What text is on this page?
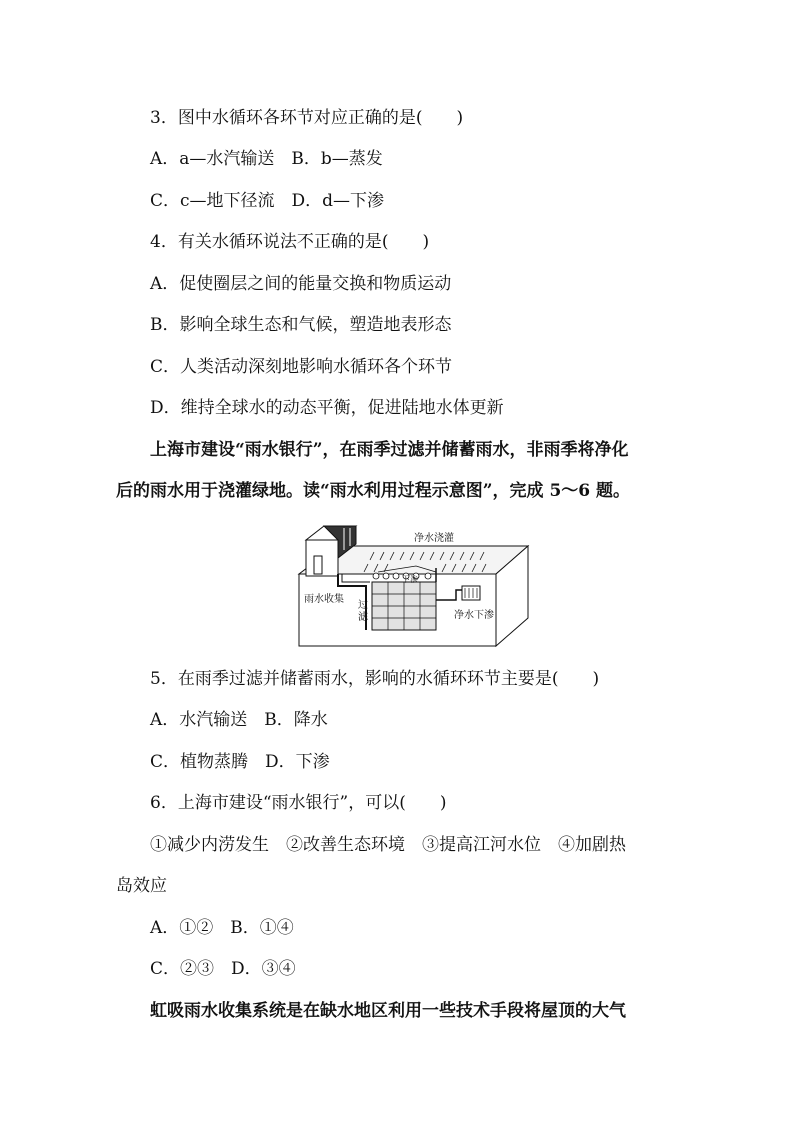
3．图中水循环各环节对应正确的是(　　)
A．a—水汽输送　B．b—蒸发
C．c—地下径流　D．d—下渗
4．有关水循环说法不正确的是(　　)
A．促使圈层之间的能量交换和物质运动
B．影响全球生态和气候，塑造地表形态
C．人类活动深刻地影响水循环各个环节
D．维持全球水的动态平衡，促进陆地水体更新
上海市建设“雨水银行”，在雨季过滤并储蓄雨水，非雨季将净化
后的雨水用于浇灌绿地。读“雨水利用过程示意图”，完成 5～6 题。
净水浇灌
雨水收集
过
滤
下渗
净水下渗
5．在雨季过滤并储蓄雨水，影响的水循环环节主要是(　　)
A．水汽输送　B．降水
C．植物蒸腾　D．下渗
6．上海市建设“雨水银行”，可以(　　)
①减少内涝发生　②改善生态环境　③提高江河水位　④加剧热
岛效应
A．①②　B．①④
C．②③　D．③④
虹吸雨水收集系统是在缺水地区利用一些技术手段将屋顶的大气
